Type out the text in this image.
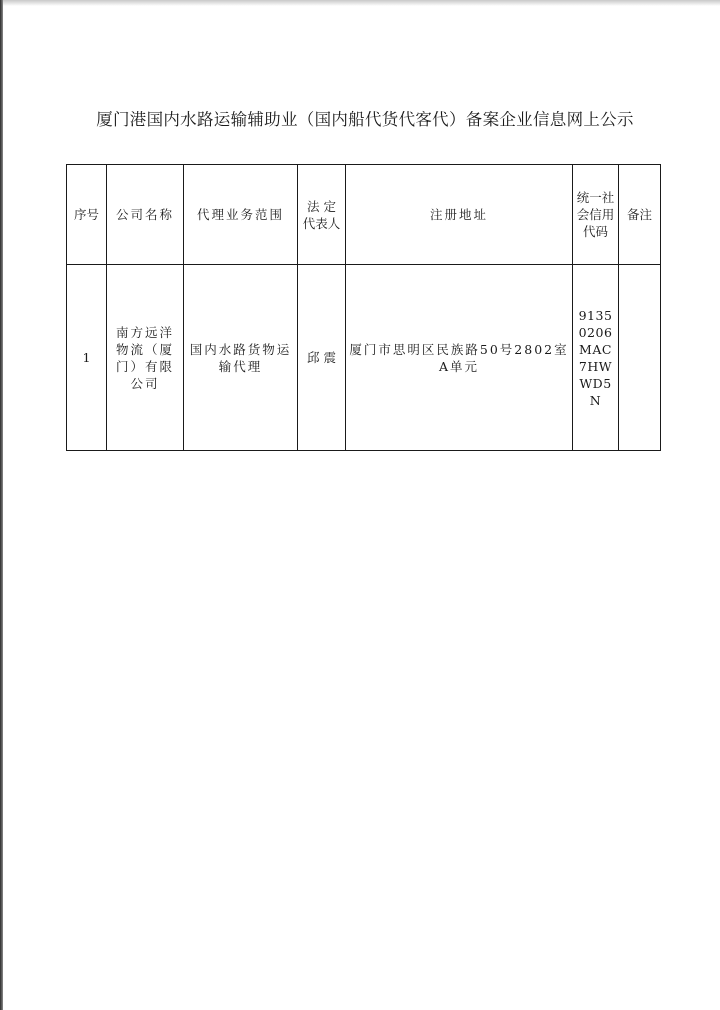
厦门港国内水路运输辅助业（国内船代货代客代）备案企业信息网上公示
序号	公司名称	代理业务范围	法 定 代表人	注册地址	统一社会信用代码	备注
1	南方远洋物流（厦门）有限公司	国内水路货物运输代理	邱 震	厦门市思明区民族路50号2802室A单元	91350206MAC7HWWD5N	
